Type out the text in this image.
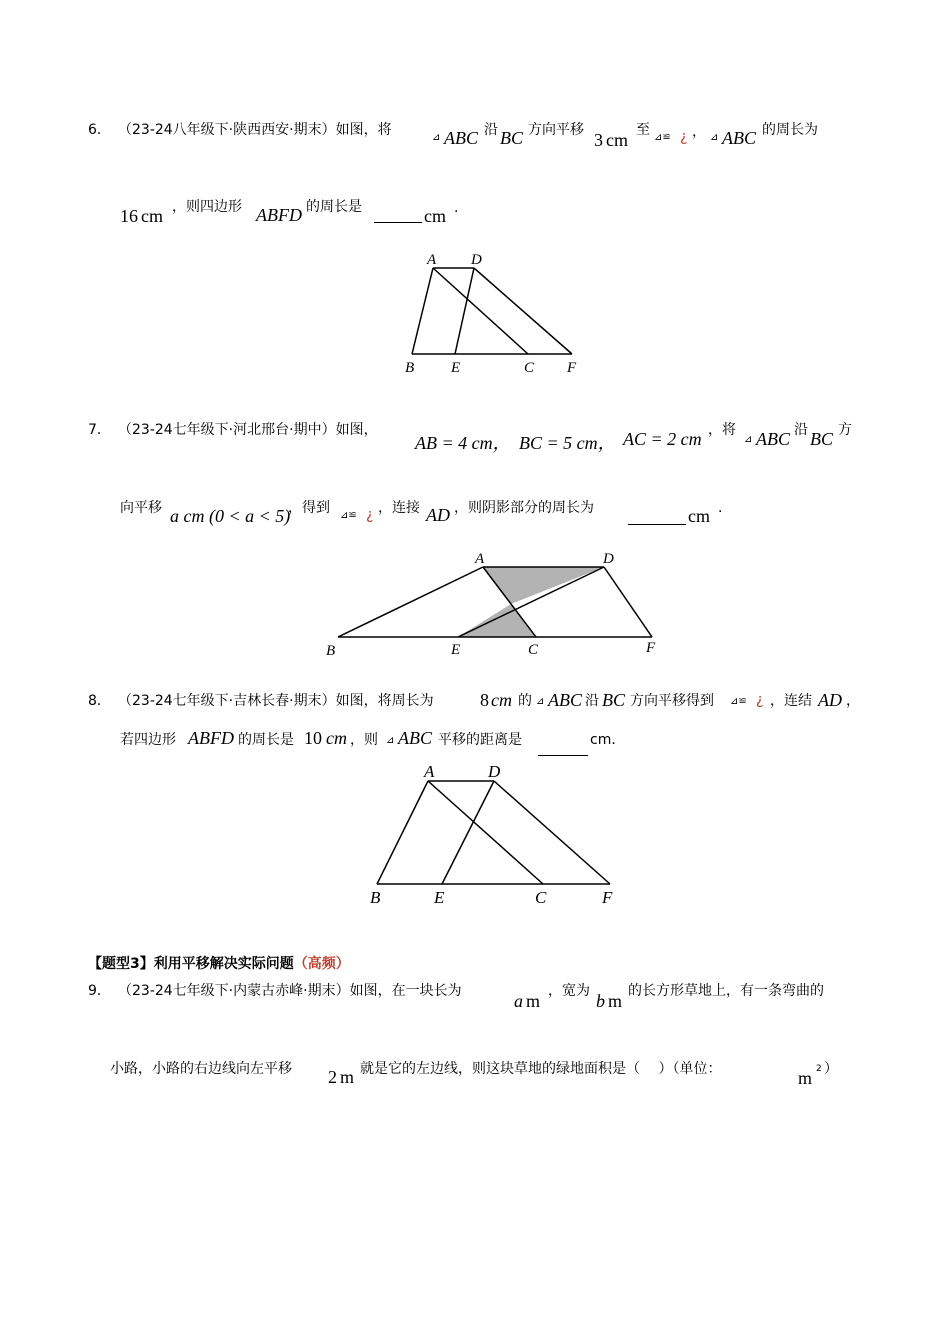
6． （23-24八年级下·陕西西安·期末）如图，将	⊿ ABC 沿 BC 方向平移 3 cm 至 ⊿≌ ¿ ， ⊿ ABC 的周长为
16 cm ，则四边形 ABFD 的周长是	cm .
A D
B E	C F
7． （23-24七年级下·河北邢台·期中）如图，
AB = 4 cm， BC = 5 cm， AC = 2 cm ，将
⊿ ABC 沿 BC 方
向平移 a cm (0 < a < 5)
，得到 ⊿≌ ¿ ，连接 AD ，则阴影部分的周长为	cm .
A	D
B	E	C	F
8． （23-24七年级下·吉林长春·期末）如图，将周长为	8 cm 的 ⊿ ABC 沿 BC 方向平移得到 ⊿≌ ¿ ，连结 AD ，
若四边形 ABFD 的周长是 10 cm ，则 ⊿ ABC 平移的距离是	cm．
A	D
B	E	C	F
【题型3】利用平移解决实际问题（高频）
9． （23-24七年级下·内蒙古赤峰·期末）如图，在一块长为	a m ，宽为 b m 的长方形草地上，有一条弯曲的
小路，小路的右边线向左平移 2 m 就是它的左边线，则这块草地的绿地面积是（　 ）（单位：	m 2 ）
